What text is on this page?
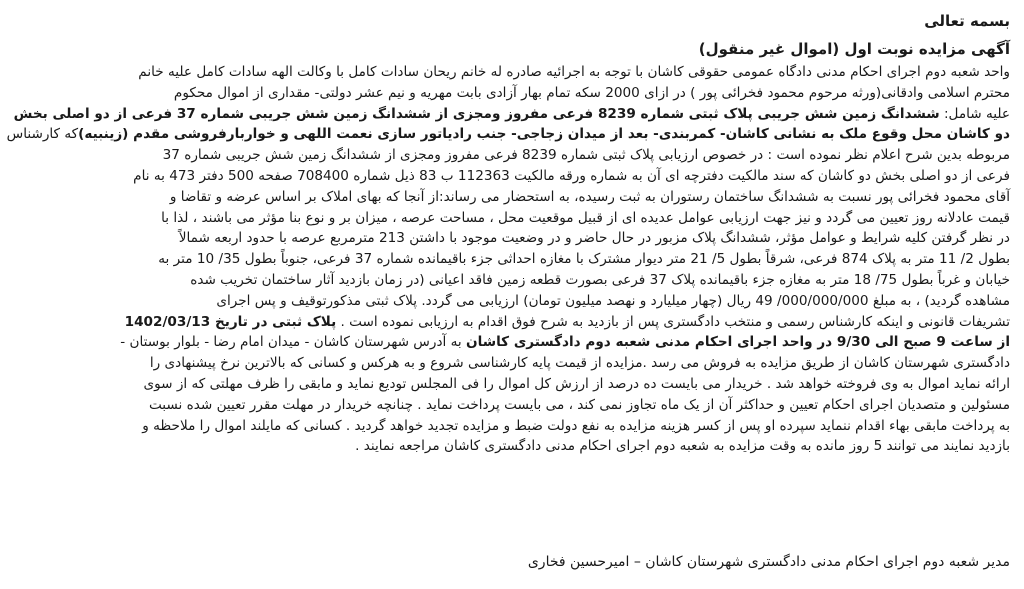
بسمه تعالی
آگهی مزایده نوبت اول (اموال غیر منقول)
واحد شعبه دوم اجرای احکام مدنی دادگاه عمومی حقوقی کاشان با توجه به اجرائیه صادره له خانم ریحان سادات کامل با وکالت الهه سادات کامل علیه خانم
محترم اسلامی وادقانی(ورثه مرحوم محمود فخرائی پور ) در ازای 2000 سکه تمام بهار آزادی بابت مهریه و نیم عشر دولتی- مقداری از اموال محکوم
علیه شامل: ششدانگ زمین شش جریبی پلاک ثبتی شماره 8239 فرعی مفروز ومجزی از ششدانگ زمین شش جریبی شماره 37 فرعی از دو اصلی بخش
دو کاشان محل وقوع ملک به نشانی کاشان- کمربندی- بعد از میدان زجاجی- جنب رادیاتور سازی نعمت اللهی و خواربارفروشی مقدم (زینبیه)که کارشناس
مربوطه بدین شرح اعلام نظر نموده است : در خصوص ارزیابی پلاک ثبتی شماره 8239 فرعی مفروز ومجزی از ششدانگ زمین شش جریبی شماره 37
فرعی از دو اصلی بخش دو کاشان که سند مالکیت دفترچه ای آن به شماره ورقه مالکیت 112363 ب 83 ذیل شماره 708400 صفحه 500 دفتر 473 به نام
آقای محمود فخرائی پور نسبت به ششدانگ ساختمان رستوران به ثبت رسیده، به استحضار می رساند:از آنجا که بهای املاک بر اساس عرضه و تقاضا و
قیمت عادلانه روز تعیین می گردد و نیز جهت ارزیابی عوامل عدیده ای از قبیل موقعیت محل ، مساحت عرصه ، میزان بر و نوع بنا مؤثر می باشند ، لذا با
در نظر گرفتن کلیه شرایط و عوامل مؤثر، ششدانگ پلاک مزبور در حال حاضر و در وضعیت موجود با داشتن 213 مترمربع عرصه با حدود اربعه شمالاً
بطول 2/ 11 متر به پلاک 874 فرعی، شرقاً بطول 5/ 21 متر دیوار مشترک با مغازه احداثی جزء باقیمانده شماره 37 فرعی، جنوباً بطول 35/ 10 متر به
خیابان و غرباً بطول 75/ 18 متر به مغازه جزء باقیمانده پلاک 37 فرعی بصورت قطعه زمین فاقد اعیانی (در زمان بازدید آثار ساختمان تخریب شده
مشاهده گردید) ، به مبلغ 000/000/000/ 49 ریال (چهار میلیارد و نهصد میلیون تومان) ارزیابی می گردد. پلاک ثبتی مذکورتوقیف و پس اجرای
تشریفات قانونی و اینکه کارشناس رسمی و منتخب دادگستری پس از بازدید به شرح فوق اقدام به ارزیابی نموده است . پلاک ثبتی در تاریخ 1402/03/13
از ساعت 9 صبح الی 9/30 در واحد اجرای احکام مدنی شعبه دوم دادگستری کاشان به آدرس شهرستان کاشان - میدان امام رضا - بلوار بوستان -
دادگستری شهرستان کاشان از طریق مزایده به فروش می رسد .مزایده از قیمت پایه کارشناسی شروع و به هرکس و کسانی که بالاترین نرخ پیشنهادی را
ارائه نماید اموال به وی فروخته خواهد شد . خریدار می بایست ده درصد از ارزش کل اموال را فی المجلس تودیع نماید و مابقی را ظرف مهلتی که از سوی
مسئولین و متصدیان اجرای احکام تعیین و حداکثر آن از یک ماه تجاوز نمی کند ، می بایست پرداخت نماید . چنانچه خریدار در مهلت مقرر تعیین شده نسبت
به پرداخت مابقی بهاء اقدام ننماید سپرده او پس از کسر هزینه مزایده به نفع دولت ضبط و مزایده تجدید خواهد گردید . کسانی که مایلند اموال را ملاحظه و
بازدید نمایند می توانند 5 روز مانده به وقت مزایده به شعبه دوم اجرای احکام مدنی دادگستری کاشان مراجعه نمایند .
مدیر شعبه دوم اجرای احکام مدنی دادگستری شهرستان کاشان – امیرحسین فخاری
